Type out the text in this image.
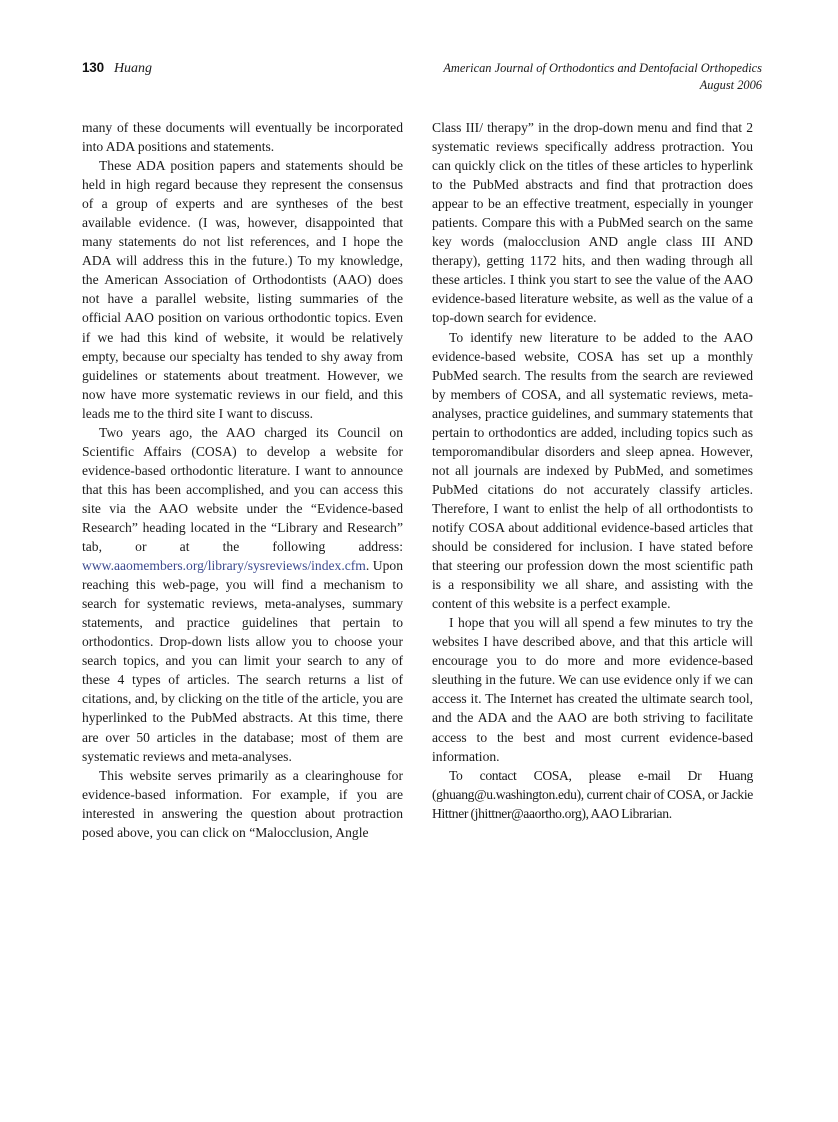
130 Huang	American Journal of Orthodontics and Dentofacial Orthopedics
August 2006

many of these documents will eventually be incorporated into ADA positions and statements.

These ADA position papers and statements should be held in high regard because they represent the consensus of a group of experts and are syntheses of the best available evidence. (I was, however, disappointed that many statements do not list references, and I hope the ADA will address this in the future.) To my knowledge, the American Association of Orthodontists (AAO) does not have a parallel website, listing summaries of the official AAO position on various orthodontic topics. Even if we had this kind of website, it would be relatively empty, because our specialty has tended to shy away from guidelines or statements about treatment. However, we now have more systematic reviews in our field, and this leads me to the third site I want to discuss.

Two years ago, the AAO charged its Council on Scientific Affairs (COSA) to develop a website for evidence-based orthodontic literature. I want to announce that this has been accomplished, and you can access this site via the AAO website under the “Evidence-based Research” heading located in the “Library and Research” tab, or at the following address: www.aaomembers.org/library/sysreviews/index.cfm. Upon reaching this web-page, you will find a mechanism to search for systematic reviews, meta-analyses, summary statements, and practice guidelines that pertain to orthodontics. Drop-down lists allow you to choose your search topics, and you can limit your search to any of these 4 types of articles. The search returns a list of citations, and, by clicking on the title of the article, you are hyperlinked to the PubMed abstracts. At this time, there are over 50 articles in the database; most of them are systematic reviews and meta-analyses.

This website serves primarily as a clearinghouse for evidence-based information. For example, if you are interested in answering the question about protraction posed above, you can click on “Malocclusion, Angle

Class III/ therapy” in the drop-down menu and find that 2 systematic reviews specifically address protraction. You can quickly click on the titles of these articles to hyperlink to the PubMed abstracts and find that protraction does appear to be an effective treatment, especially in younger patients. Compare this with a PubMed search on the same key words (malocclusion AND angle class III AND therapy), getting 1172 hits, and then wading through all these articles. I think you start to see the value of the AAO evidence-based literature website, as well as the value of a top-down search for evidence.

To identify new literature to be added to the AAO evidence-based website, COSA has set up a monthly PubMed search. The results from the search are reviewed by members of COSA, and all systematic reviews, meta-analyses, practice guidelines, and summary statements that pertain to orthodontics are added, including topics such as temporomandibular disorders and sleep apnea. However, not all journals are indexed by PubMed, and sometimes PubMed citations do not accurately classify articles. Therefore, I want to enlist the help of all orthodontists to notify COSA about additional evidence-based articles that should be considered for inclusion. I have stated before that steering our profession down the most scientific path is a responsibility we all share, and assisting with the content of this website is a perfect example.

I hope that you will all spend a few minutes to try the websites I have described above, and that this article will encourage you to do more and more evidence-based sleuthing in the future. We can use evidence only if we can access it. The Internet has created the ultimate search tool, and the ADA and the AAO are both striving to facilitate access to the best and most current evidence-based information.

To contact COSA, please e-mail Dr Huang (ghuang@u.washington.edu), current chair of COSA, or Jackie Hittner (jhittner@aaortho.org), AAO Librarian.
